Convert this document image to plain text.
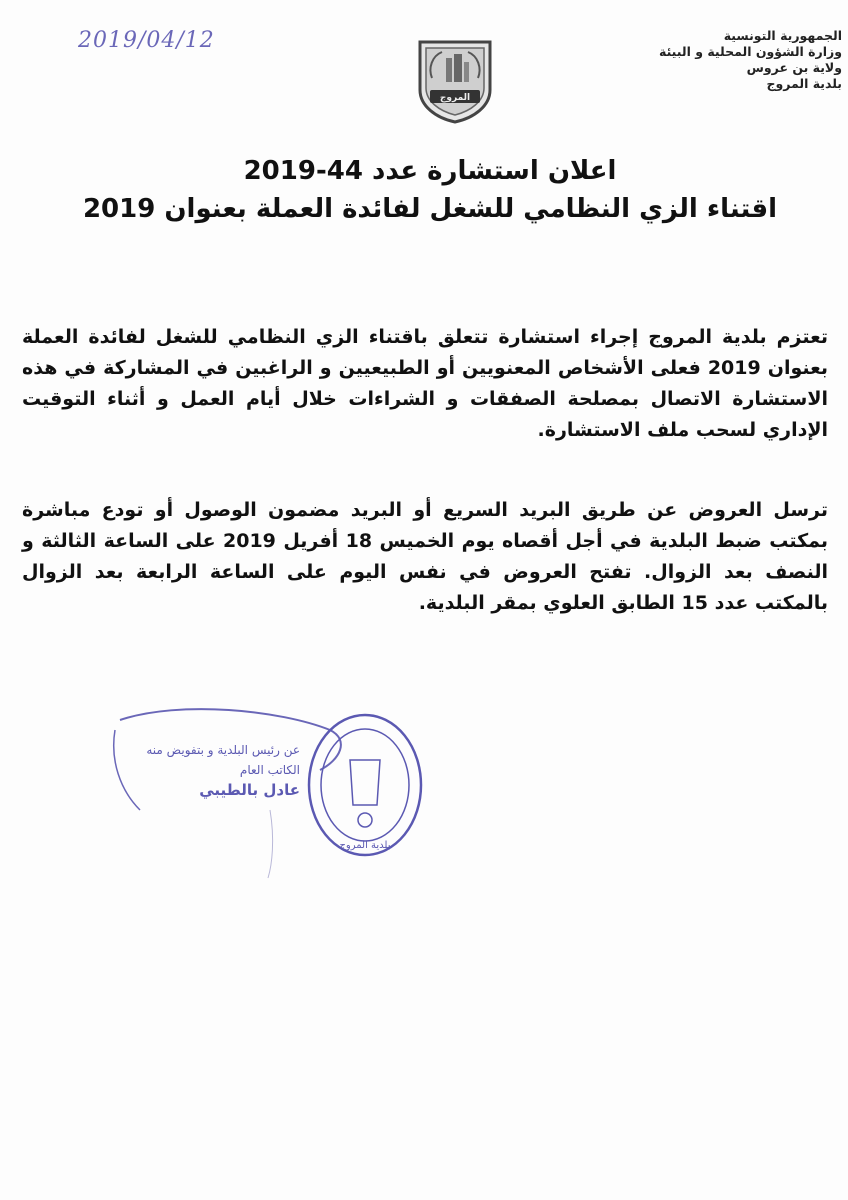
2019/04/12
المروج
الجمهورية التونسية
وزارة الشؤون المحلية و البيئة
ولاية بن عروس
بلدية المروج
اعلان استشارة عدد 44-2019
اقتناء الزي النظامي للشغل لفائدة العملة بعنوان 2019
تعتزم بلدية المروج إجراء استشارة تتعلق باقتناء الزي النظامي للشغل لفائدة العملة بعنوان 2019 فعلى الأشخاص المعنويين أو الطبيعيين و الراغبين في المشاركة في هذه الاستشارة الاتصال بمصلحة الصفقات و الشراءات خلال أيام العمل و أثناء التوقيت الإداري لسحب ملف الاستشارة.
ترسل العروض عن طريق البريد السريع أو البريد مضمون الوصول أو تودع مباشرة بمكتب ضبط البلدية في أجل أقصاه يوم الخميس 18 أفريل 2019 على الساعة الثالثة و النصف بعد الزوال. تفتح العروض في نفس اليوم على الساعة الرابعة بعد الزوال بالمكتب عدد 15 الطابق العلوي بمقر البلدية.
عن رئيس البلدية و بتفويض منه
الكاتب العام
عادل بالطيبي
بلدية المروج
